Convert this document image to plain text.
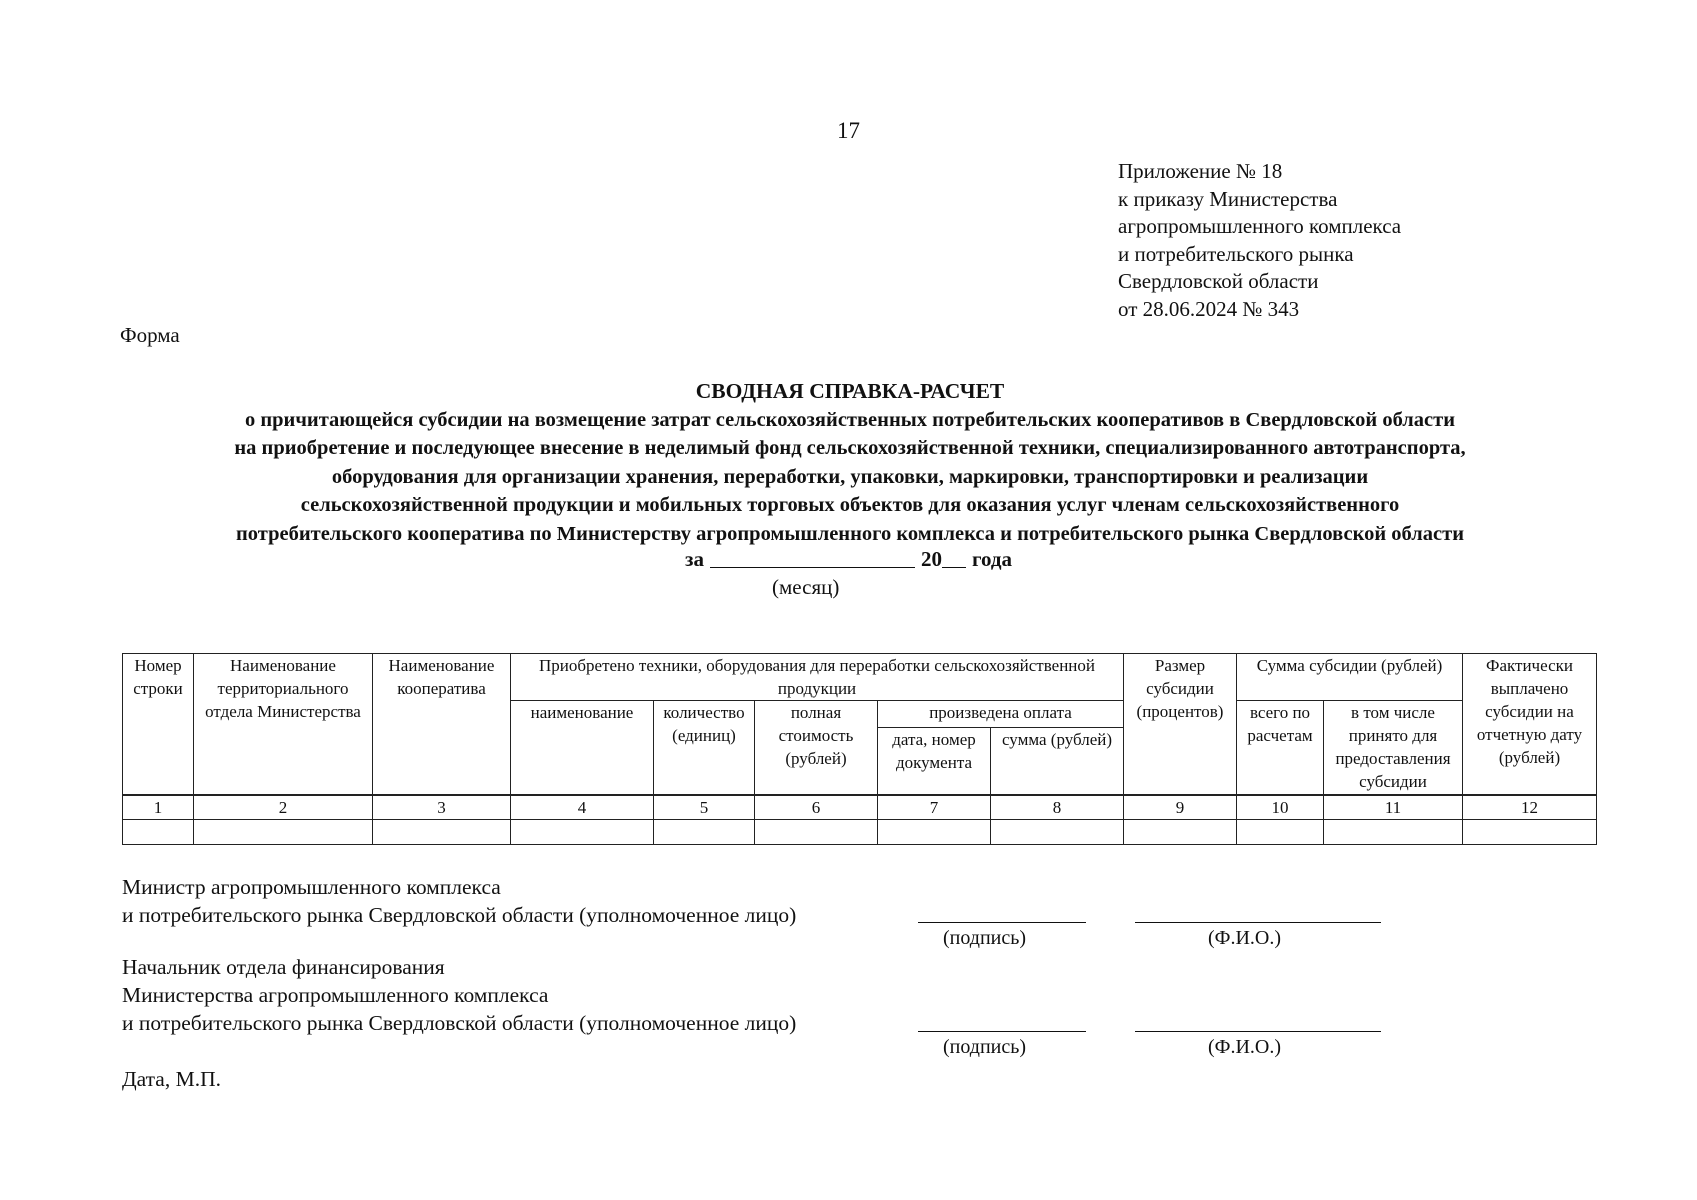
17
Приложение № 18
к приказу Министерства
агропромышленного комплекса
и потребительского рынка
Свердловской области
от 28.06.2024 № 343
Форма
СВОДНАЯ СПРАВКА-РАСЧЕТ
о причитающейся субсидии на возмещение затрат сельскохозяйственных потребительских кооперативов в Свердловской области
на приобретение и последующее внесение в неделимый фонд сельскохозяйственной техники, специализированного автотранспорта,
оборудования для организации хранения, переработки, упаковки, маркировки, транспортировки и реализации
сельскохозяйственной продукции и мобильных торговых объектов для оказания услуг членам сельскохозяйственного
потребительского кооператива по Министерству агропромышленного комплекса и потребительского рынка Свердловской области
за	20 года
(месяц)
Номер строки	Наименование территориального отдела Министерства	Наименование кооператива	Приобретено техники, оборудования для переработки сельскохозяйственной продукции					Размер субсидии (процентов)	Сумма субсидии (рублей)		Фактически выплачено субсидии на отчетную дату (рублей)
			наименование	количество (единиц)	полная стоимость (рублей)	произведена оплата			всего по расчетам	в том числе принято для предоставления субсидии	
						дата, номер документа	сумма (рублей)				
1	2	3	4	5	6	7	8	9	10	11	12

Министр агропромышленного комплекса
и потребительского рынка Свердловской области (уполномоченное лицо)
(подпись)	(Ф.И.О.)
Начальник отдела финансирования
Министерства агропромышленного комплекса
и потребительского рынка Свердловской области (уполномоченное лицо)
(подпись)	(Ф.И.О.)
Дата, М.П.
